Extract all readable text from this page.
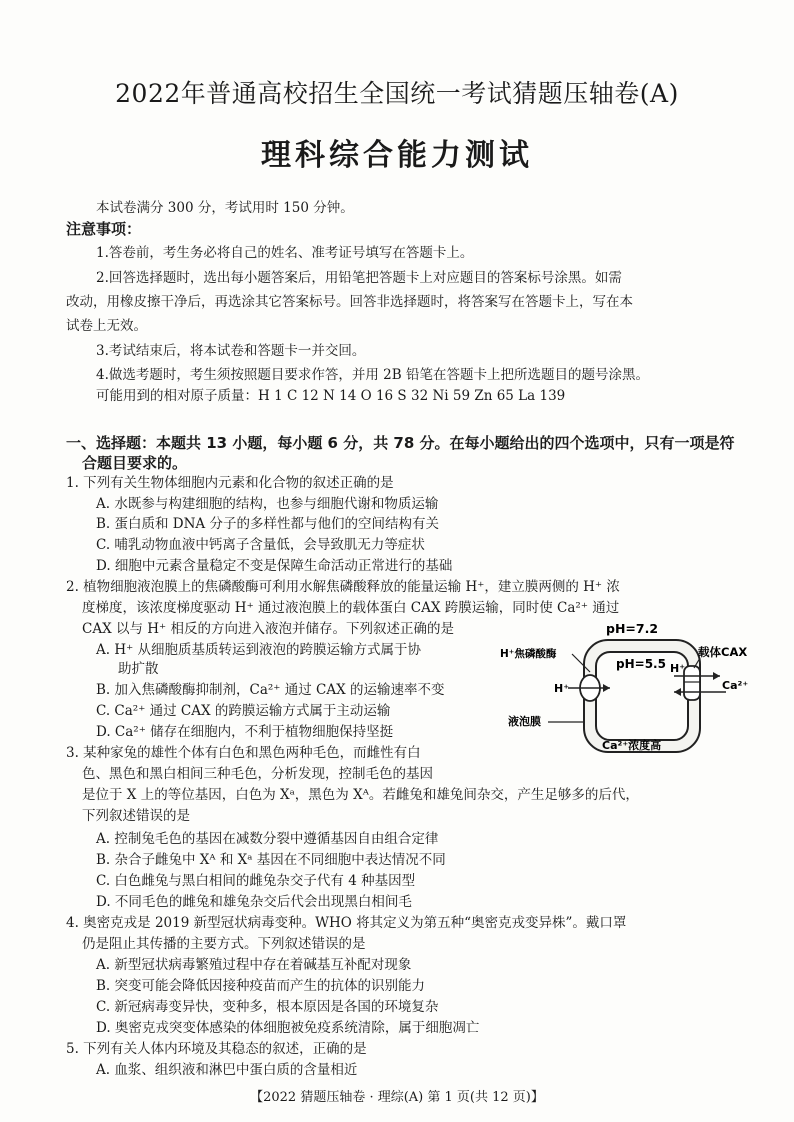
2022年普通高校招生全国统一考试猜题压轴卷(A)
理科综合能力测试
本试卷满分 300 分，考试用时 150 分钟。
注意事项：
1.答卷前，考生务必将自己的姓名、准考证号填写在答题卡上。
2.回答选择题时，选出每小题答案后，用铅笔把答题卡上对应题目的答案标号涂黑。如需
改动，用橡皮擦干净后，再选涂其它答案标号。回答非选择题时，将答案写在答题卡上，写在本
试卷上无效。
3.考试结束后，将本试卷和答题卡一并交回。
4.做选考题时，考生须按照题目要求作答，并用 2B 铅笔在答题卡上把所选题目的题号涂黑。
可能用到的相对原子质量：H 1 C 12 N 14 O 16 S 32 Ni 59 Zn 65 La 139
一、选择题：本题共 13 小题，每小题 6 分，共 78 分。在每小题给出的四个选项中，只有一项是符
合题目要求的。
1. 下列有关生物体细胞内元素和化合物的叙述正确的是
A. 水既参与构建细胞的结构，也参与细胞代谢和物质运输
B. 蛋白质和 DNA 分子的多样性都与他们的空间结构有关
C. 哺乳动物血液中钙离子含量低，会导致肌无力等症状
D. 细胞中元素含量稳定不变是保障生命活动正常进行的基础
2. 植物细胞液泡膜上的焦磷酸酶可利用水解焦磷酸释放的能量运输 H⁺，建立膜两侧的 H⁺ 浓
度梯度，该浓度梯度驱动 H⁺ 通过液泡膜上的载体蛋白 CAX 跨膜运输，同时使 Ca²⁺ 通过
CAX 以与 H⁺ 相反的方向进入液泡并储存。下列叙述正确的是
A. H⁺ 从细胞质基质转运到液泡的跨膜运输方式属于协
助扩散
B. 加入焦磷酸酶抑制剂，Ca²⁺ 通过 CAX 的运输速率不变
C. Ca²⁺ 通过 CAX 的跨膜运输方式属于主动运输
D. Ca²⁺ 储存在细胞内，不利于植物细胞保持坚挺
3. 某种家兔的雄性个体有白色和黑色两种毛色，而雌性有白
色、黑色和黑白相间三种毛色，分析发现，控制毛色的基因
是位于 X 上的等位基因，白色为 Xᵃ，黑色为 Xᴬ。若雌兔和雄兔间杂交，产生足够多的后代，
下列叙述错误的是
A. 控制兔毛色的基因在减数分裂中遵循基因自由组合定律
B. 杂合子雌兔中 Xᴬ 和 Xᵃ 基因在不同细胞中表达情况不同
C. 白色雌兔与黑白相间的雌兔杂交子代有 4 种基因型
D. 不同毛色的雌兔和雄兔杂交后代会出现黑白相间毛
4. 奥密克戎是 2019 新型冠状病毒变种。WHO 将其定义为第五种“奥密克戎变异株”。戴口罩
仍是阻止其传播的主要方式。下列叙述错误的是
A. 新型冠状病毒繁殖过程中存在着碱基互补配对现象
B. 突变可能会降低因接种疫苗而产生的抗体的识别能力
C. 新冠病毒变异快，变种多，根本原因是各国的环境复杂
D. 奥密克戎突变体感染的体细胞被免疫系统清除，属于细胞凋亡
5. 下列有关人体内环境及其稳态的叙述，正确的是
A. 血浆、组织液和淋巴中蛋白质的含量相近
pH=7.2
pH=5.5
H⁺焦磷酸酶
H⁺
载体CAX
H⁺
Ca²⁺
液泡膜
Ca²⁺浓度高
【2022 猜题压轴卷 · 理综(A) 第 1 页(共 12 页)】
